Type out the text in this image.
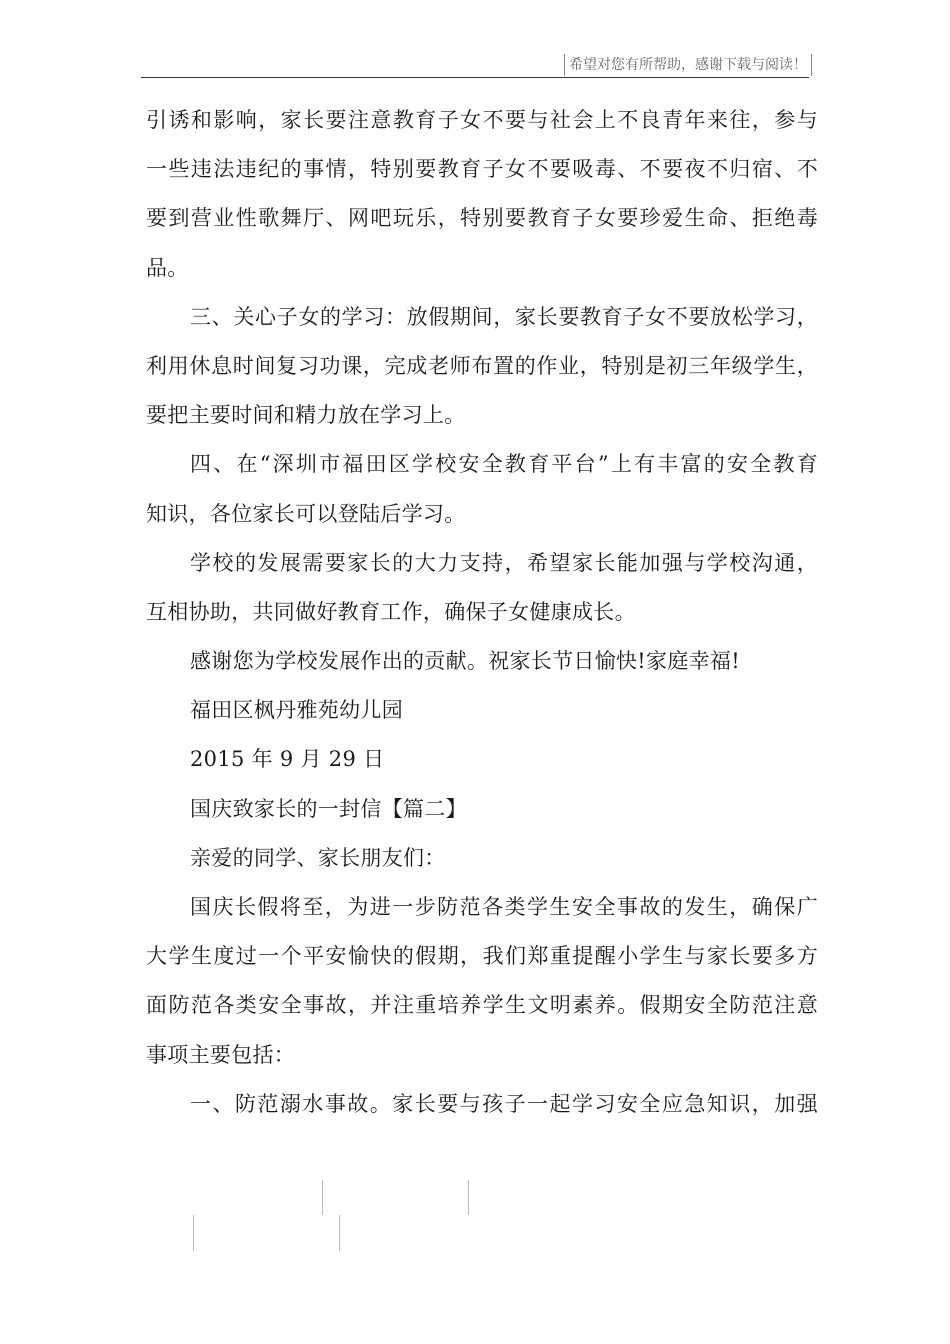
希望对您有所帮助，感谢下载与阅读！
引诱和影响，家长要注意教育子女不要与社会上不良青年来往，参与
一些违法违纪的事情，特别要教育子女不要吸毒、不要夜不归宿、不
要到营业性歌舞厅、网吧玩乐，特别要教育子女要珍爱生命、拒绝毒
品。
三、关心子女的学习：放假期间，家长要教育子女不要放松学习，
利用休息时间复习功课，完成老师布置的作业，特别是初三年级学生，
要把主要时间和精力放在学习上。
四、在“深圳市福田区学校安全教育平台”上有丰富的安全教育
知识，各位家长可以登陆后学习。
学校的发展需要家长的大力支持，希望家长能加强与学校沟通，
互相协助，共同做好教育工作，确保子女健康成长。
感谢您为学校发展作出的贡献。祝家长节日愉快!家庭幸福!
福田区枫丹雅苑幼儿园
2015 年 9 月 29 日
国庆致家长的一封信【篇二】
亲爱的同学、家长朋友们：
国庆长假将至，为进一步防范各类学生安全事故的发生，确保广
大学生度过一个平安愉快的假期，我们郑重提醒小学生与家长要多方
面防范各类安全事故，并注重培养学生文明素养。假期安全防范注意
事项主要包括：
一、防范溺水事故。家长要与孩子一起学习安全应急知识，加强
